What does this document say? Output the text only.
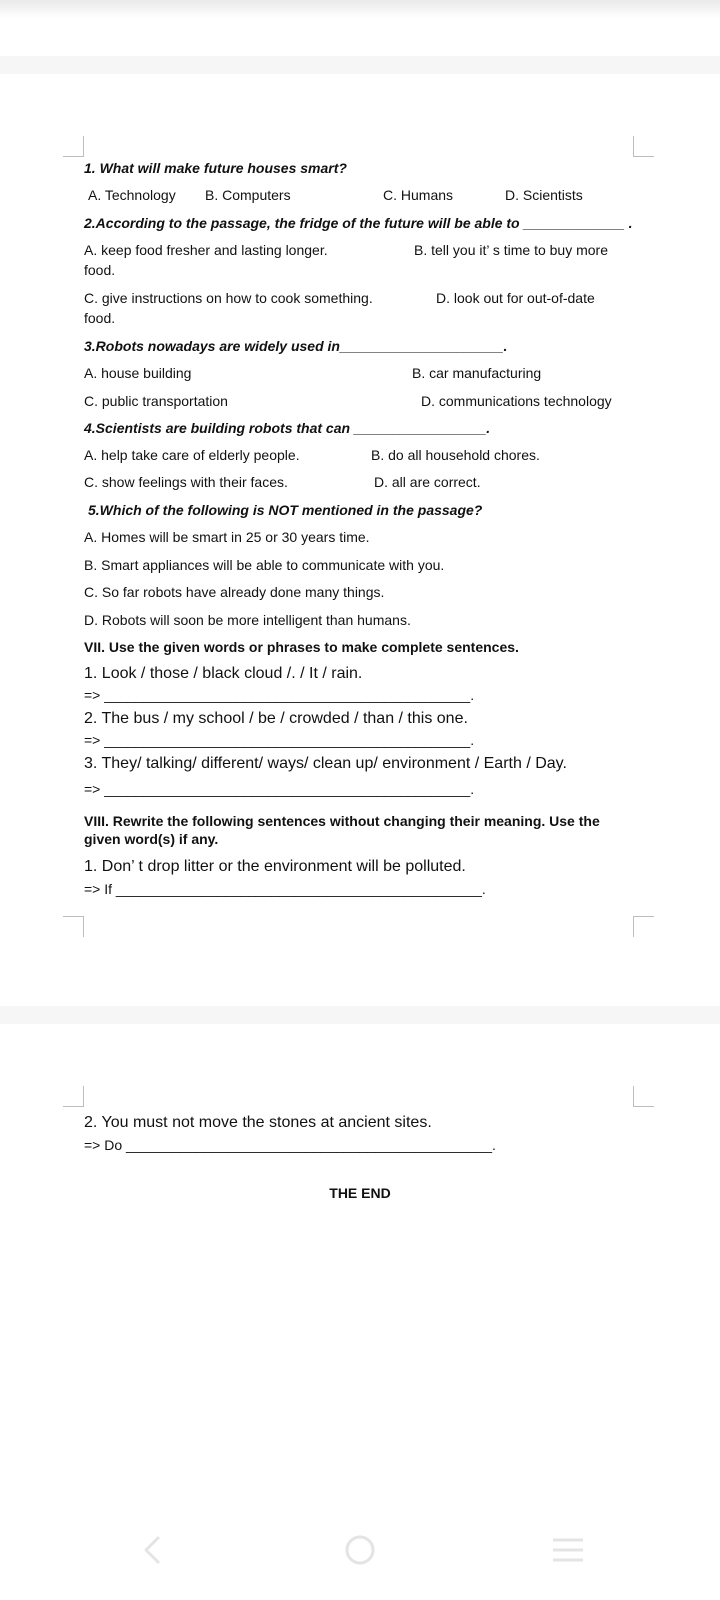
1. What will make future houses smart?
A. Technology B. Computers	C. Humans	D. Scientists
2.According to the passage, the fridge of the future will be able to _____________ .
A. keep food fresher and lasting longer.	B. tell you it’ s time to buy more
food.
C. give instructions on how to cook something.	D. look out for out-of-date
food.
3.Robots nowadays are widely used in_____________________.
A. house building	B. car manufacturing
C. public transportation	D. communications technology
4.Scientists are building robots that can _________________.
A. help take care of elderly people.	B. do all household chores.
C. show feelings with their faces.	D. all are correct.
5.Which of the following is NOT mentioned in the passage?
A. Homes will be smart in 25 or 30 years time.
B. Smart appliances will be able to communicate with you.
C. So far robots have already done many things.
D. Robots will soon be more intelligent than humans.
VII. Use the given words or phrases to make complete sentences.
1. Look / those / black cloud /. / It / rain.
=> _______________________________________________.
2. The bus / my school / be / crowded / than / this one.
=> _______________________________________________.
3. They/ talking/ different/ ways/ clean up/ environment / Earth / Day.
=> _______________________________________________.
VIII. Rewrite the following sentences without changing their meaning. Use the
given word(s) if any.
1. Don’ t drop litter or the environment will be polluted.
=> If _______________________________________________.
2. You must not move the stones at ancient sites.
=> Do _______________________________________________.
THE END
